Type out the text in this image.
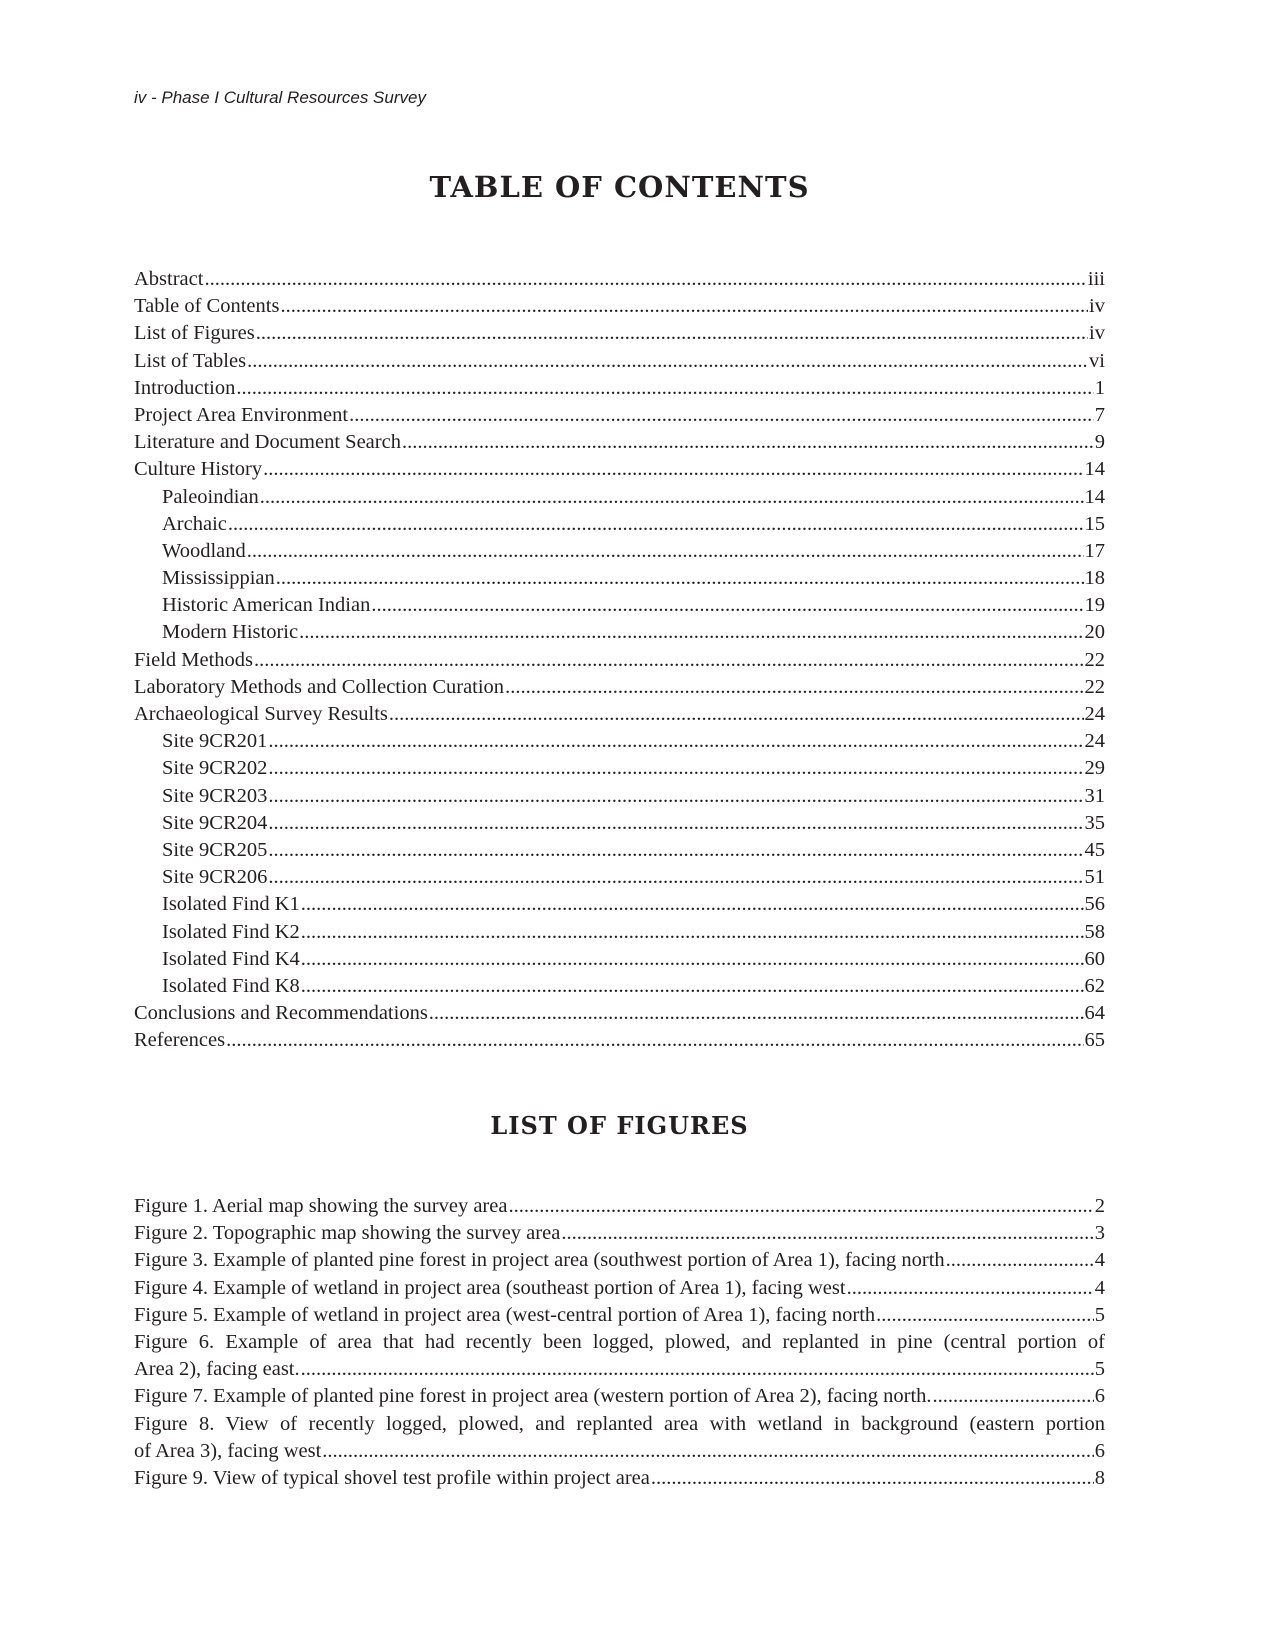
iv - Phase I Cultural Resources Survey
TABLE OF CONTENTS
Abstract .....	iii
Table of Contents .....	iv
List of Figures .....	iv
List of Tables .....	vi
Introduction .....	1
Project Area Environment .....	7
Literature and Document Search .....	9
Culture History .....	14
Paleoindian .....	14
Archaic .....	15
Woodland .....	17
Mississippian .....	18
Historic American Indian .....	19
Modern Historic .....	20
Field Methods .....	22
Laboratory Methods and Collection Curation .....	22
Archaeological Survey Results .....	24
Site 9CR201 .....	24
Site 9CR202 .....	29
Site 9CR203 .....	31
Site 9CR204 .....	35
Site 9CR205 .....	45
Site 9CR206 .....	51
Isolated Find K1 .....	56
Isolated Find K2 .....	58
Isolated Find K4 .....	60
Isolated Find K8 .....	62
Conclusions and Recommendations .....	64
References .....	65
LIST OF FIGURES
Figure 1. Aerial map showing the survey area .....	2
Figure 2. Topographic map showing the survey area .....	3
Figure 3. Example of planted pine forest in project area (southwest portion of Area 1), facing north .....	4
Figure 4. Example of wetland in project area (southeast portion of Area 1), facing west .....	4
Figure 5. Example of wetland in project area (west-central portion of Area 1), facing north .....	5
Figure 6. Example of area that had recently been logged, plowed, and replanted in pine (central portion of
Area 2), facing east. .....	5
Figure 7. Example of planted pine forest in project area (western portion of Area 2), facing north. .....	6
Figure 8. View of recently logged, plowed, and replanted area with wetland in background (eastern portion
of Area 3), facing west .....	6
Figure 9. View of typical shovel test profile within project area .....	8
